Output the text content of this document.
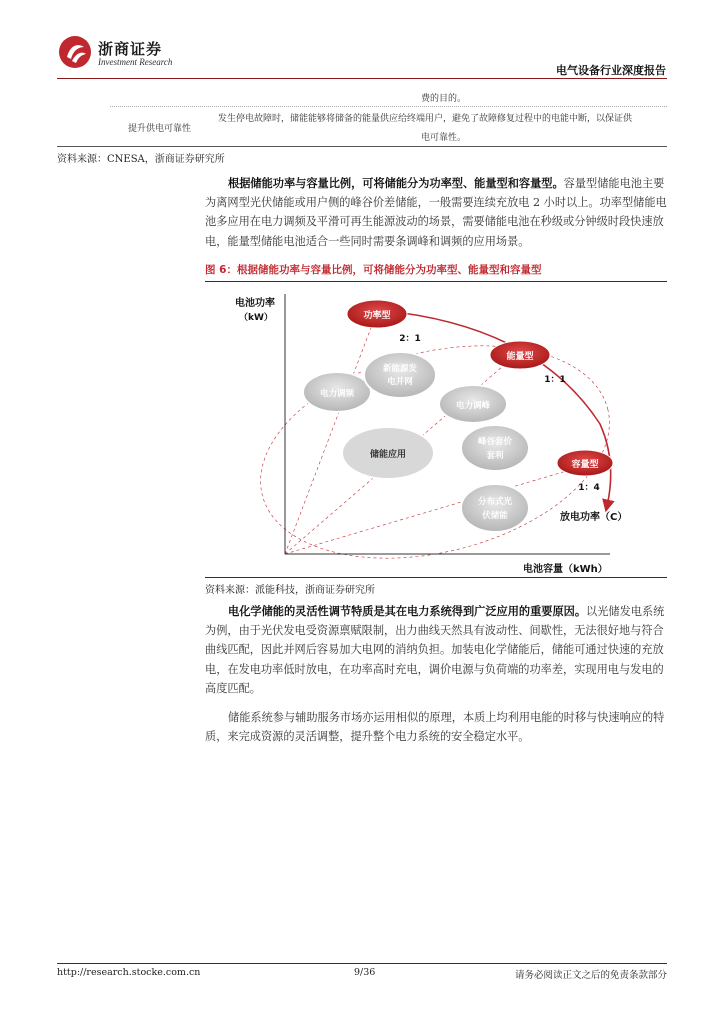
浙商证券
Investment Research
电气设备行业深度报告
费的目的。
提升供电可靠性
发生停电故障时，储能能够将储备的能量供应给终端用户，避免了故障修复过程中的电能中断，以保证供
电可靠性。
资料来源：CNESA，浙商证券研究所
根据储能功率与容量比例，可将储能分为功率型、能量型和容量型。容量型储能电池主要为离网型光伏储能或用户侧的峰谷价差储能，一般需要连续充放电 2 小时以上。功率型储能电池多应用在电力调频及平滑可再生能源波动的场景，需要储能电池在秒级或分钟级时段快速放电，能量型储能电池适合一些同时需要条调峰和调频的应用场景。
图 6：根据储能功率与容量比例，可将储能分为功率型、能量型和容量型
电池功率
（kW）
电池容量（kWh）
功率型
2：1
能量型
1：1
容量型
1：4
放电功率（C）
电力调频
新能源发
电并网
电力调峰
储能应用
峰谷套价
套利
分布式光
伏储能
资料来源：派能科技，浙商证券研究所
电化学储能的灵活性调节特质是其在电力系统得到广泛应用的重要原因。以光储发电系统为例，由于光伏发电受资源禀赋限制，出力曲线天然具有波动性、间歇性，无法很好地与符合曲线匹配，因此并网后容易加大电网的消纳负担。加装电化学储能后，储能可通过快速的充放电，在发电功率低时放电，在功率高时充电，调价电源与负荷端的功率差，实现用电与发电的高度匹配。
储能系统参与辅助服务市场亦运用相似的原理，本质上均利用电能的时移与快速响应的特质，来完成资源的灵活调整，提升整个电力系统的安全稳定水平。
http://research.stocke.com.cn	9/36	请务必阅读正文之后的免责条款部分
